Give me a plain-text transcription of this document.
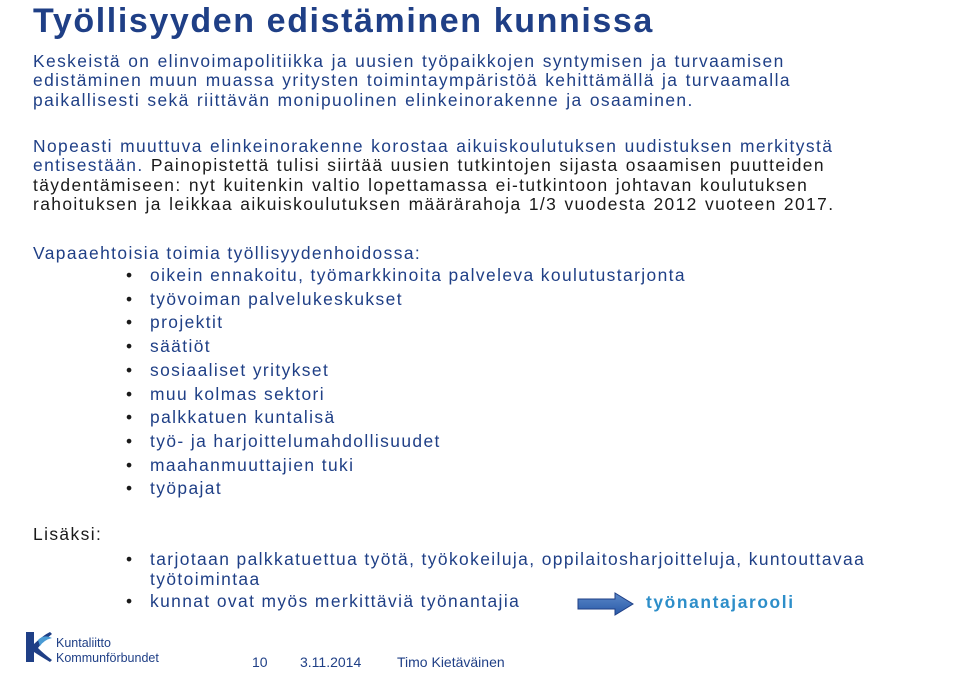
Työllisyyden edistäminen kunnissa
Keskeistä on elinvoimapolitiikka ja uusien työpaikkojen syntymisen ja turvaamisen
edistäminen muun muassa yritysten toimintaympäristöä kehittämällä ja turvaamalla
paikallisesti sekä riittävän monipuolinen elinkeinorakenne ja osaaminen.
Nopeasti muuttuva elinkeinorakenne korostaa aikuiskoulutuksen uudistuksen merkitystä
entisestään. Painopistettä tulisi siirtää uusien tutkintojen sijasta osaamisen puutteiden
täydentämiseen: nyt kuitenkin valtio lopettamassa ei-tutkintoon johtavan koulutuksen
rahoituksen ja leikkaa aikuiskoulutuksen määrärahoja 1/3 vuodesta 2012 vuoteen 2017.
Vapaaehtoisia toimia työllisyydenhoidossa:
• oikein ennakoitu, työmarkkinoita palveleva koulutustarjonta
• työvoiman palvelukeskukset
• projektit
• säätiöt
• sosiaaliset yritykset
• muu kolmas sektori
• palkkatuen kuntalisä
• työ- ja harjoittelumahdollisuudet
• maahanmuuttajien tuki
• työpajat
Lisäksi:
• tarjotaan palkkatuettua työtä, työkokeiluja, oppilaitosharjoitteluja, kuntouttavaa
työtoimintaa
• kunnat ovat myös merkittäviä työnantajia	työnantajarooli
Kuntaliitto
Kommunförbundet	10 3.11.2014	Timo Kietäväinen
